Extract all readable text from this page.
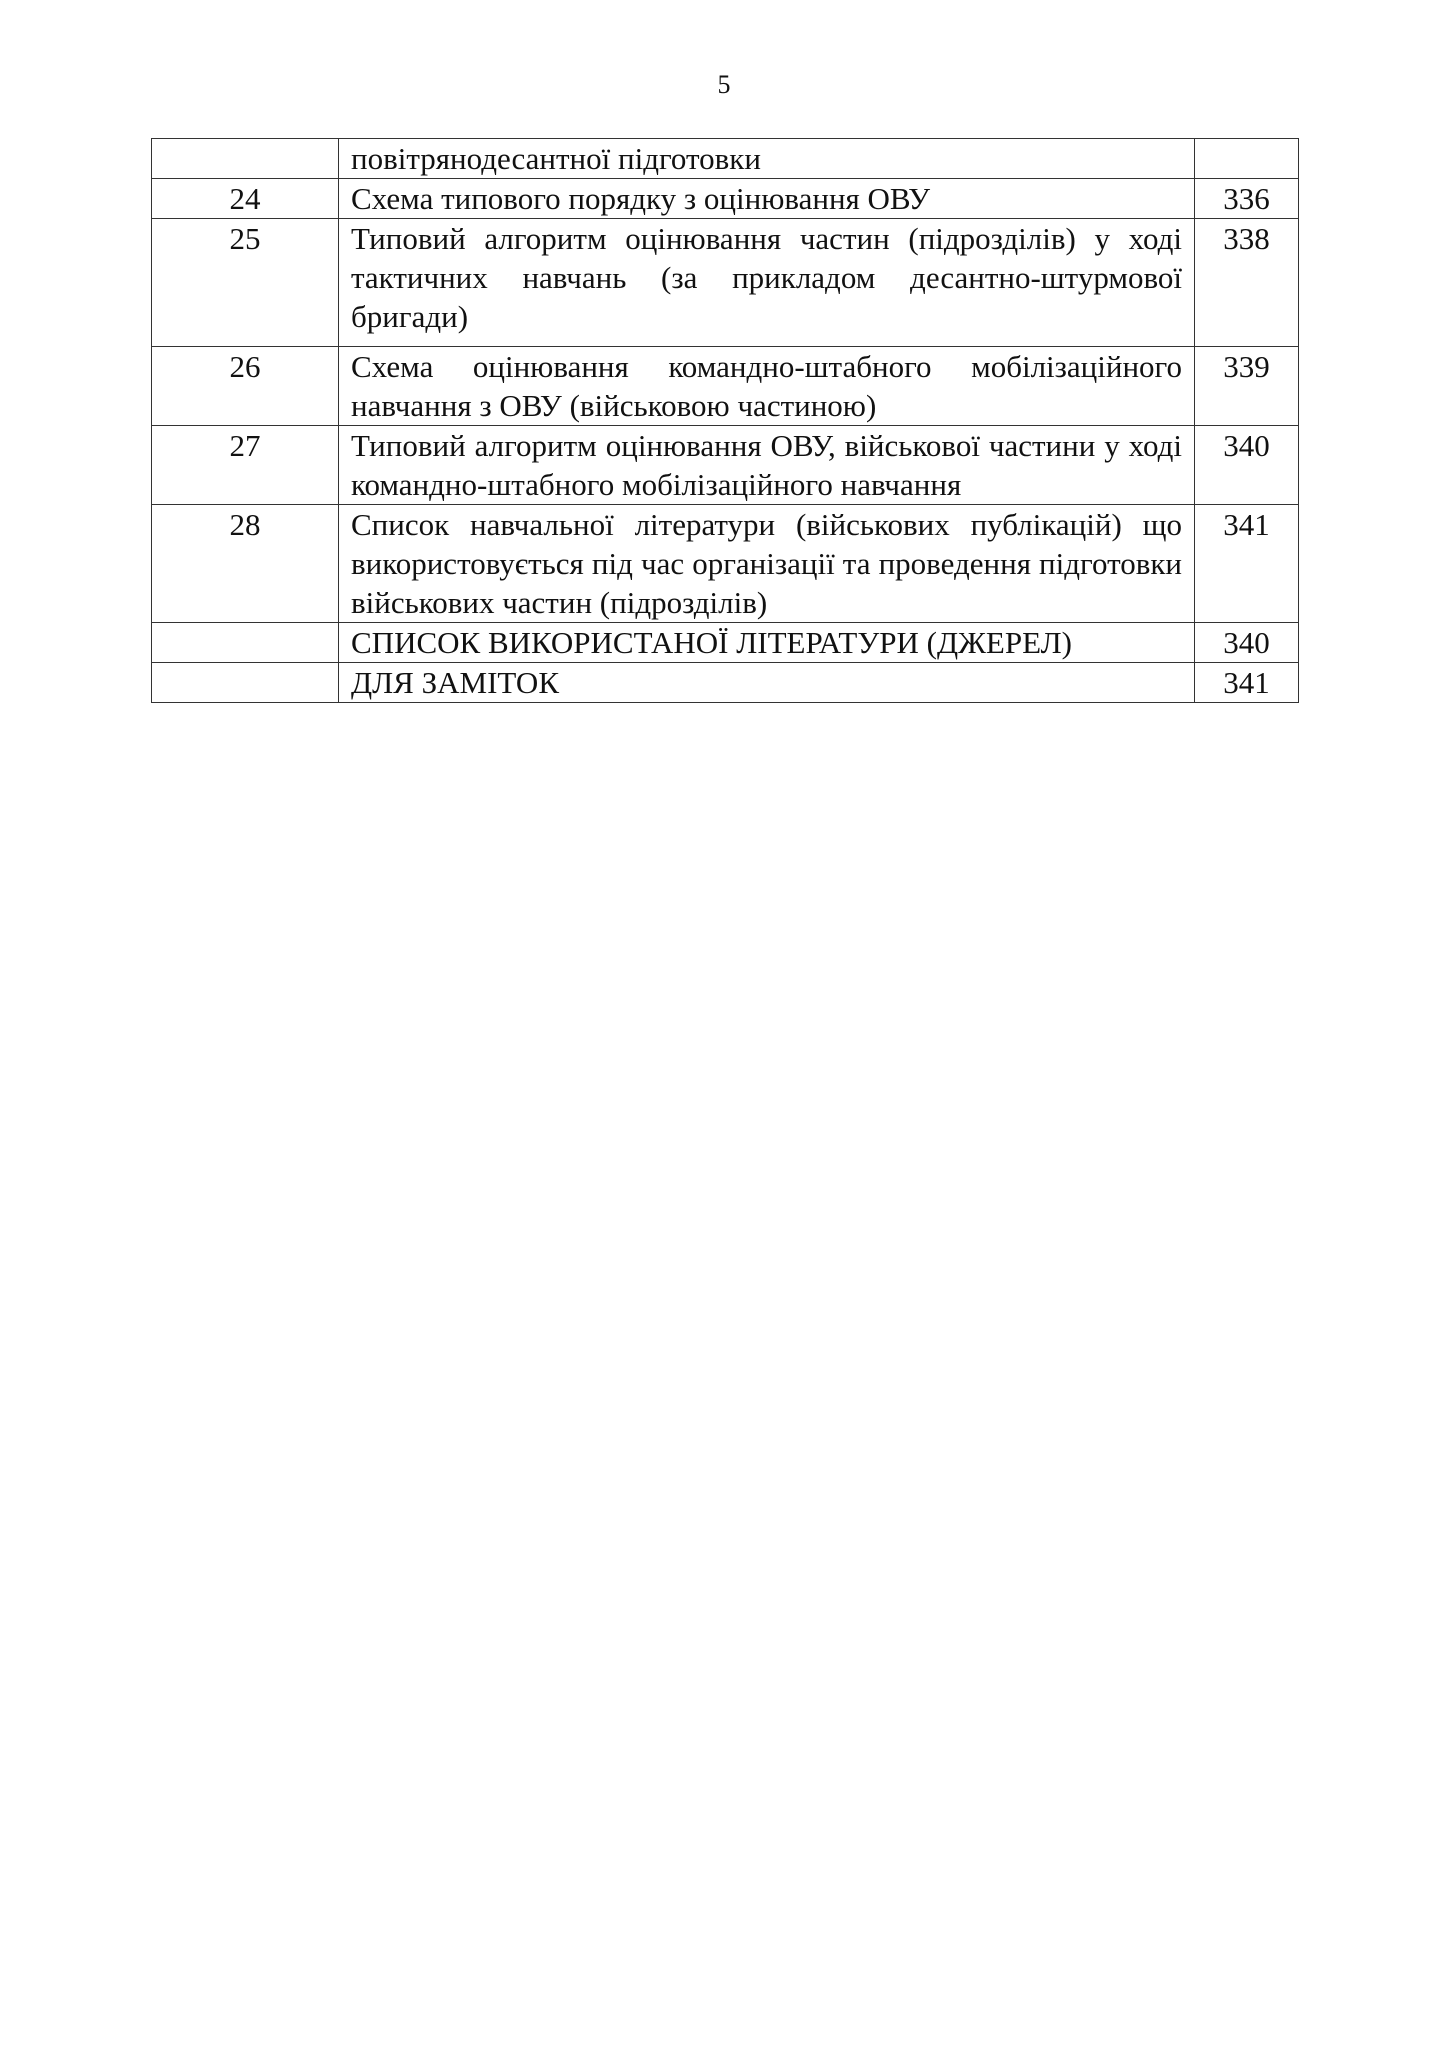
5
	повітрянодесантної підготовки	
24	Схема типового порядку з оцінювання ОВУ	336
25	Типовий алгоритм оцінювання частин (підрозділів) у ході тактичних навчань (за прикладом десантно-штурмової бригади)	338
26	Схема оцінювання командно-штабного мобілізаційного навчання з ОВУ (військовою частиною)	339
27	Типовий алгоритм оцінювання ОВУ, військової частини у ході командно-штабного мобілізаційного навчання	340
28	Список навчальної літератури (військових публікацій) що використовується під час організації та проведення підготовки військових частин (підрозділів)	341
	СПИСОК ВИКОРИСТАНОЇ ЛІТЕРАТУРИ (ДЖЕРЕЛ)	340
	ДЛЯ ЗАМІТОК	341
